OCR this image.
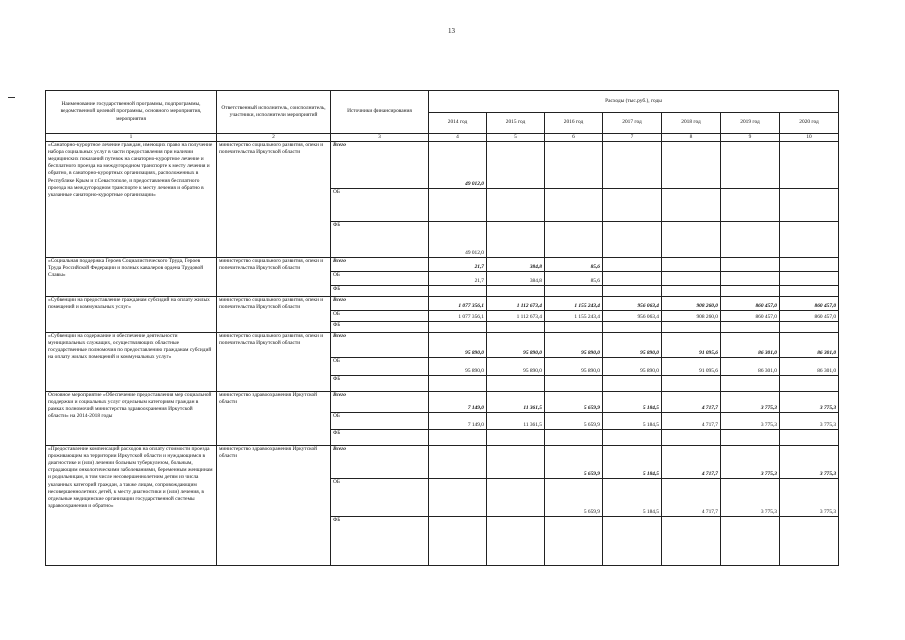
13
Наименование государственной программы, подпрограммы, ведомственной целевой программы, основного мероприятия, мероприятия	Ответственный исполнитель, соисполнитель, участники, исполнители мероприятий	Источники финансирования	Расходы (тыс.руб.), годы						
			2014 год	2015 год	2016 год	2017 год	2018 год	2019 год	2020 год
1	2	3	4	5	6	7	8	9	10
«Санаторно-курортное лечение граждан, имеющих право на получение набора социальных услуг в части предоставления при наличии медицинских показаний путевок на санаторно-курортное лечение и бесплатного проезда на междугородном транспорте к месту лечения и обратно, в санаторно-курортных организациях, расположенных в Республике Крым и г.Севастополе, и предоставления бесплатного проезда на междугородном транспорте к месту лечения и обратно в указанные санаторно-курортные организации»	министерство социального развития, опеки и попечительства Иркутской области	Всего	49 012,0						
		ОБ							
		ФБ	49 012,0						
«Социальная поддержка Героев Социалистического Труда, Героев Труда Российской Федерации и полных кавалеров ордена Трудовой Славы»	министерство социального развития, опеки и попечительства Иркутской области	Всего	21,7	384,8	85,6				
		ОБ	21,7	384,8	85,6				
		ФБ							
«Субвенции на предоставление гражданам субсидий на оплату жилых помещений и коммунальных услуг»	министерство социального развития, опеки и попечительства Иркутской области	Всего	1 077 356,1	1 112 673,4	1 155 243,4	956 063,4	908 260,0	860 457,0	860 457,0
		ОБ	1 077 356,1	1 112 673,4	1 155 243,4	956 063,4	908 260,0	860 457,0	860 457,0
		ФБ							
«Субвенции на содержание и обеспечение деятельности муниципальных служащих, осуществляющих областные государственные полномочия по предоставлению гражданам субсидий на оплату жилых помещений и коммунальных услуг»	министерство социального развития, опеки и попечительства Иркутской области	Всего	95 890,0	95 890,0	95 890,0	95 890,0	91 095,6	86 301,0	86 301,0
		ОБ	95 890,0	95 890,0	95 890,0	95 890,0	91 095,6	86 301,0	86 301,0
		ФБ							
Основное мероприятие «Обеспечение предоставления мер социальной поддержки и социальных услуг отдельным категориям граждан в рамках полномочий министерства здравоохранения Иркутской области» на 2014-2018 годы	министерство здравоохранения Иркутской области	Всего	7 149,0	11 361,5	5 659,9	5 184,5	4 717,7	3 775,3	3 775,3
		ОБ	7 149,0	11 361,5	5 659,9	5 184,5	4 717,7	3 775,3	3 775,3
		ФБ							
«Предоставление компенсаций расходов на оплату стоимости проезда проживающим на территории Иркутской области и нуждающимся в диагностике и (или) лечении больным туберкулезом, больным, страдающим онкологическими заболеваниями, беременным женщинам и родильницам, в том числе несовершеннолетним детям из числа указанных категорий граждан, а также лицам, сопровождающим несовершеннолетних детей, к месту диагностики и (или) лечения, в отдельные медицинские организации государственной системы здравоохранения и обратно»	министерство здравоохранения Иркутской области	Всего			5 659,9	5 184,5	4 717,7	3 775,3	3 775,3
		ОБ			5 659,9	5 184,5	4 717,7	3 775,3	3 775,3
		ФБ							
